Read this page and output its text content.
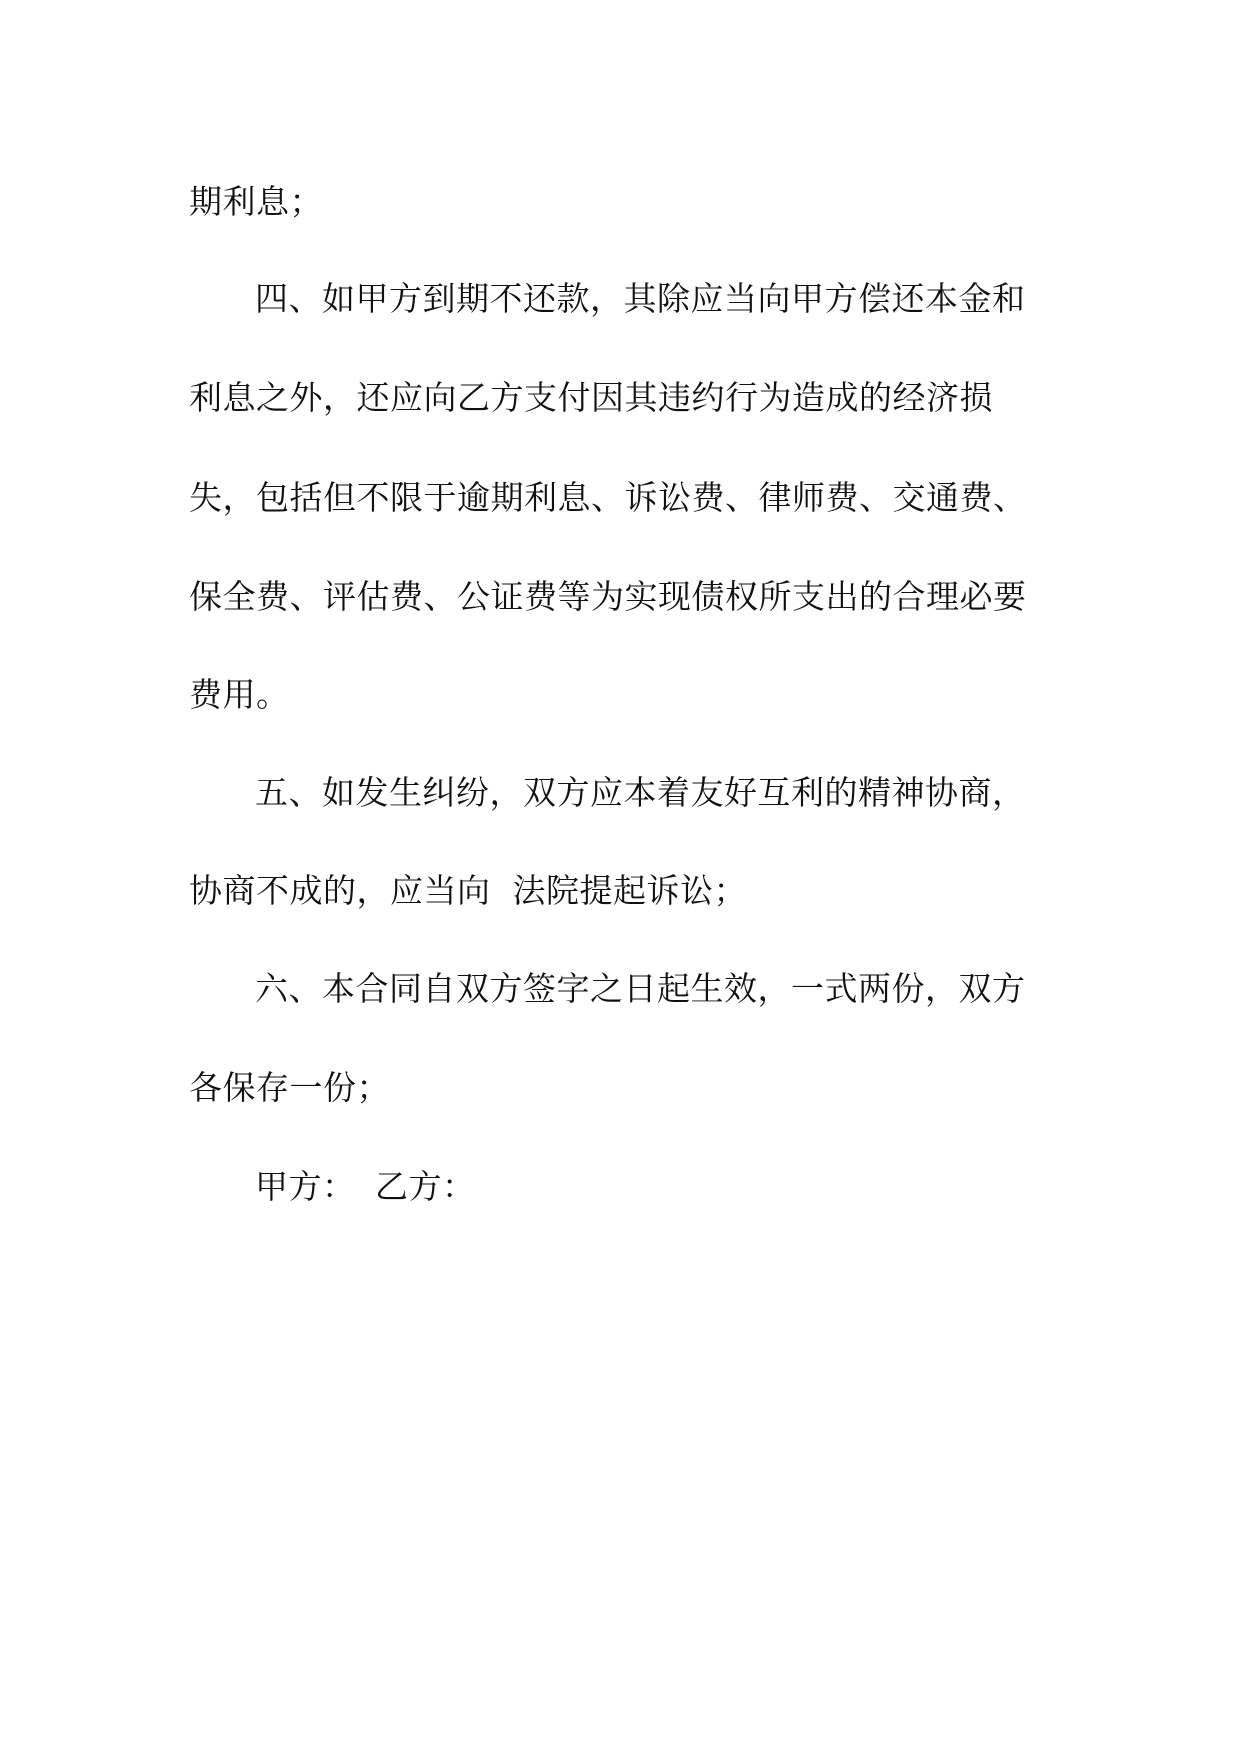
期利息；
四、如甲方到期不还款，其除应当向甲方偿还本金和
利息之外，还应向乙方支付因其违约行为造成的经济损
失，包括但不限于逾期利息、诉讼费、律师费、交通费、
保全费、评估费、公证费等为实现债权所支出的合理必要
费用。
五、如发生纠纷，双方应本着友好互利的精神协商，
协商不成的，应当向  法院提起诉讼；
六、本合同自双方签字之日起生效，一式两份，双方
各保存一份；
甲方： 乙方：
